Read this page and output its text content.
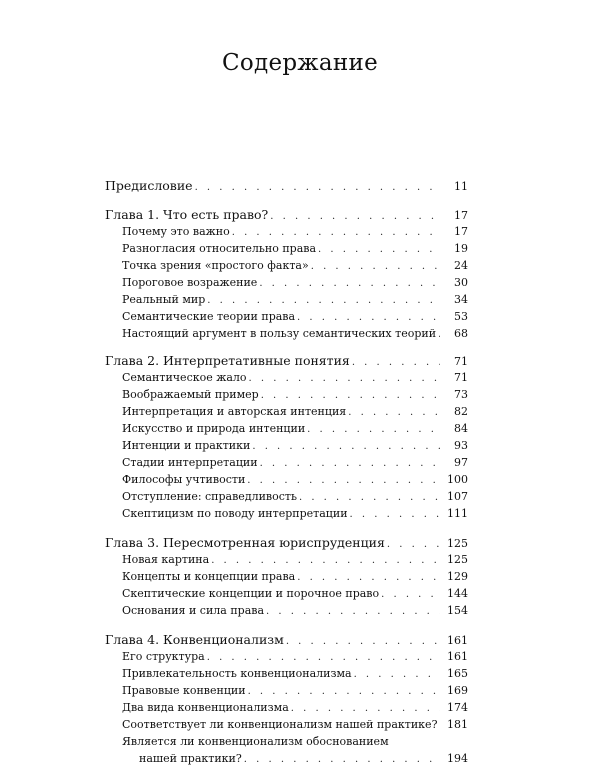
Содержание
Предисловие . . .	11
Глава 1. Что есть право? . . .	17
Почему это важно . . .	17
Разногласия относительно права . . .	19
Точка зрения «простого факта» . . .	24
Пороговое возражение . . .	30
Реальный мир . . .	34
Семантические теории права . . .	53
Настоящий аргумент в пользу семантических теорий . . .	68
Глава 2. Интерпретативные понятия . . .	71
Семантическое жало . . .	71
Воображаемый пример . . .	73
Интерпретация и авторская интенция . . .	82
Искусство и природа интенции . . .	84
Интенции и практики . . .	93
Стадии интерпретации . . .	97
Философы учтивости . . .	100
Отступление: справедливость . . .	107
Скептицизм по поводу интерпретации . . .	111
Глава 3. Пересмотренная юриспруденция . . .	125
Новая картина . . .	125
Концепты и концепции права . . .	129
Скептические концепции и порочное право . . .	144
Основания и сила права . . .	154
Глава 4. Конвенционализм . . .	161
Его структура . . .	161
Привлекательность конвенционализма . . .	165
Правовые конвенции . . .	169
Два вида конвенционализма . . .	174
Соответствует ли конвенционализм нашей практике? . . . 181
Является ли конвенционализм обоснованием
нашей практики? . . .	194
